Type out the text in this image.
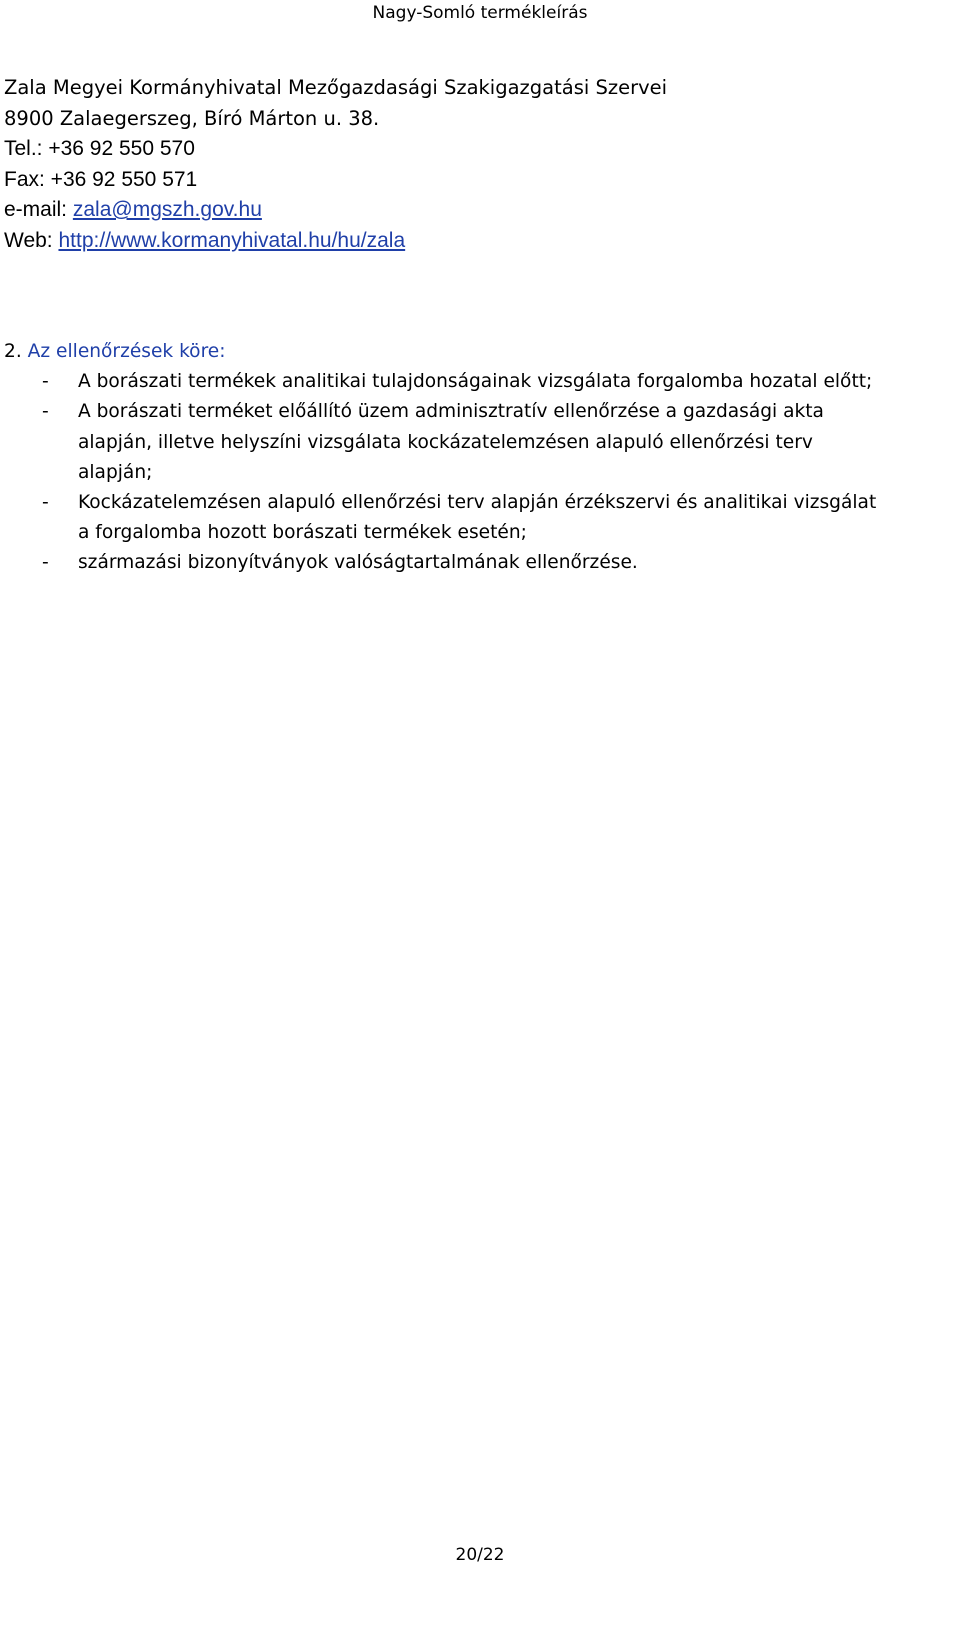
Nagy-Somló termékleírás
Zala Megyei Kormányhivatal Mezőgazdasági Szakigazgatási Szervei
8900 Zalaegerszeg, Bíró Márton u. 38.
Tel.: +36 92 550 570
Fax: +36 92 550 571
e-mail: zala@mgszh.gov.hu
Web: http://www.kormanyhivatal.hu/hu/zala
2. Az ellenőrzések köre:
- A borászati termékek analitikai tulajdonságainak vizsgálata forgalomba hozatal előtt;
- A borászati terméket előállító üzem adminisztratív ellenőrzése a gazdasági akta
alapján, illetve helyszíni vizsgálata kockázatelemzésen alapuló ellenőrzési terv
alapján;
- Kockázatelemzésen alapuló ellenőrzési terv alapján érzékszervi és analitikai vizsgálat
a forgalomba hozott borászati termékek esetén;
- származási bizonyítványok valóságtartalmának ellenőrzése.
20/22
